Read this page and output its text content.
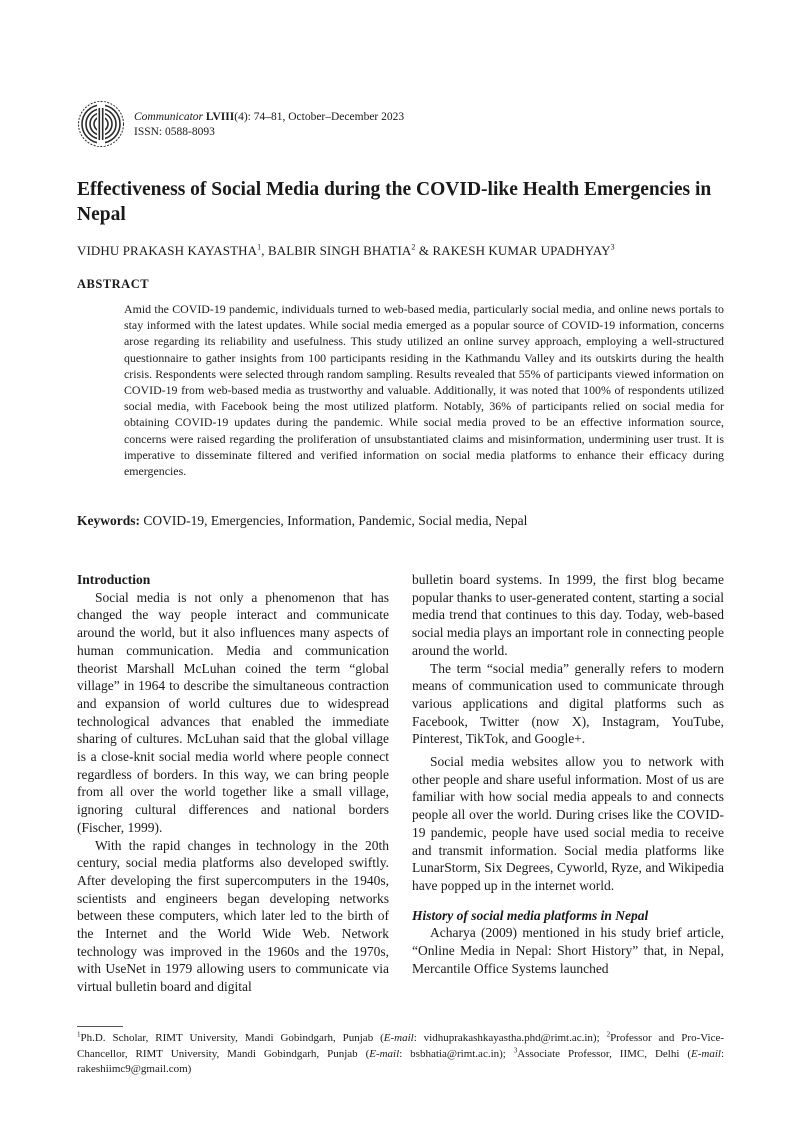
Communicator LVIII(4): 74–81, October–December 2023
ISSN: 0588-8093
Effectiveness of Social Media during the COVID-like Health Emergencies in Nepal
VIDHU PRAKASH KAYASTHA$^1$, BALBIR SINGH BHATIA$^2$ & RAKESH KUMAR UPADHYAY$^3$
ABSTRACT

Amid the COVID-19 pandemic, individuals turned to web-based media, particularly social media, and online news portals to stay informed with the latest updates. While social media emerged as a popular source of COVID-19 information, concerns arose regarding its reliability and usefulness. This study utilized an online survey approach, employing a well-structured questionnaire to gather insights from 100 participants residing in the Kathmandu Valley and its outskirts during the health crisis. Respondents were selected through random sampling. Results revealed that 55% of participants viewed information on COVID-19 from web-based media as trustworthy and valuable. Additionally, it was noted that 100% of respondents utilized social media, with Facebook being the most utilized platform. Notably, 36% of participants relied on social media for obtaining COVID-19 updates during the pandemic. While social media proved to be an effective information source, concerns were raised regarding the proliferation of unsubstantiated claims and misinformation, undermining user trust. It is imperative to disseminate filtered and verified information on social media platforms to enhance their efficacy during emergencies.

Keywords: COVID-19, Emergencies, Information, Pandemic, Social media, Nepal
Introduction

Social media is not only a phenomenon that has changed the way people interact and communicate around the world, but it also influences many aspects of human communication. Media and communication theorist Marshall McLuhan coined the term “global village” in 1964 to describe the simultaneous contraction and expansion of world cultures due to widespread technological advances that enabled the immediate sharing of cultures. McLuhan said that the global village is a close-knit social media world where people connect regardless of borders. In this way, we can bring people from all over the world together like a small village, ignoring cultural differences and national borders (Fischer, 1999).

With the rapid changes in technology in the 20th century, social media platforms also developed swiftly. After developing the first supercomputers in the 1940s, scientists and engineers began developing networks between these computers, which later led to the birth of the Internet and the World Wide Web. Network technology was improved in the 1960s and the 1970s, with UseNet in 1979 allowing users to communicate via virtual bulletin board and digital

bulletin board systems. In 1999, the first blog became popular thanks to user-generated content, starting a social media trend that continues to this day. Today, web-based social media plays an important role in connecting people around the world.

The term “social media” generally refers to modern means of communication used to communicate through various applications and digital platforms such as Facebook, Twitter (now X), Instagram, YouTube, Pinterest, TikTok, and Google+.

Social media websites allow you to network with other people and share useful information. Most of us are familiar with how social media appeals to and connects people all over the world. During crises like the COVID-19 pandemic, people have used social media to receive and transmit information. Social media platforms like LunarStorm, Six Degrees, Cyworld, Ryze, and Wikipedia have popped up in the internet world.

History of social media platforms in Nepal

Acharya (2009) mentioned in his study brief article, “Online Media in Nepal: Short History” that, in Nepal, Mercantile Office Systems launched

$^1$Ph.D. Scholar, RIMT University, Mandi Gobindgarh, Punjab (E-mail: vidhuprakashkayastha.phd@rimt.ac.in); $^2$Professor and Pro-Vice-Chancellor, RIMT University, Mandi Gobindgarh, Punjab (E-mail: bsbhatia@rimt.ac.in); $^3$Associate Professor, IIMC, Delhi (E-mail: rakeshiimc9@gmail.com)
